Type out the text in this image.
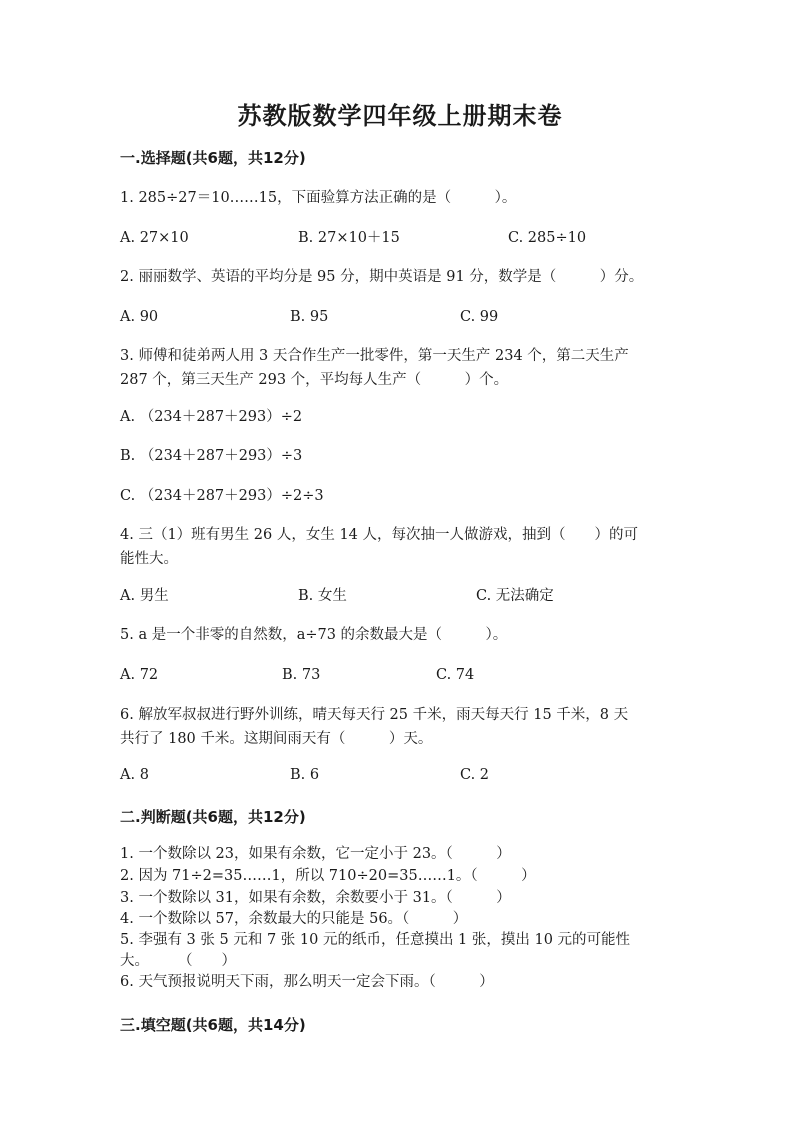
苏教版数学四年级上册期末卷
一.选择题(共6题，共12分)
1. 285÷27＝10……15，下面验算方法正确的是（　　　）。
A. 27×10	B. 27×10＋15	C. 285÷10
2. 丽丽数学、英语的平均分是 95 分，期中英语是 91 分，数学是（　　　）分。
A. 90	B. 95	C. 99
3. 师傅和徒弟两人用 3 天合作生产一批零件，第一天生产 234 个，第二天生产
287 个，第三天生产 293 个，平均每人生产（　　　）个。
A. （234＋287＋293）÷2
B. （234＋287＋293）÷3
C. （234＋287＋293）÷2÷3
4. 三（1）班有男生 26 人，女生 14 人，每次抽一人做游戏，抽到（　　）的可
能性大。
A. 男生	B. 女生	C. 无法确定
5. a 是一个非零的自然数，a÷73 的余数最大是（　　　）。
A. 72	B. 73	C. 74
6. 解放军叔叔进行野外训练，晴天每天行 25 千米，雨天每天行 15 千米，8 天
共行了 180 千米。这期间雨天有（　　　）天。
A. 8	B. 6	C. 2
二.判断题(共6题，共12分)
1. 一个数除以 23，如果有余数，它一定小于 23。（　　　）
2. 因为 71÷2=35……1，所以 710÷20=35……1。（　　　）
3. 一个数除以 31，如果有余数，余数要小于 31。（　　　）
4. 一个数除以 57，余数最大的只能是 56。（　　　）
5. 李强有 3 张 5 元和 7 张 10 元的纸币，任意摸出 1 张，摸出 10 元的可能性
大。　　　（　　）
6. 天气预报说明天下雨，那么明天一定会下雨。（　　　）
三.填空题(共6题，共14分)
